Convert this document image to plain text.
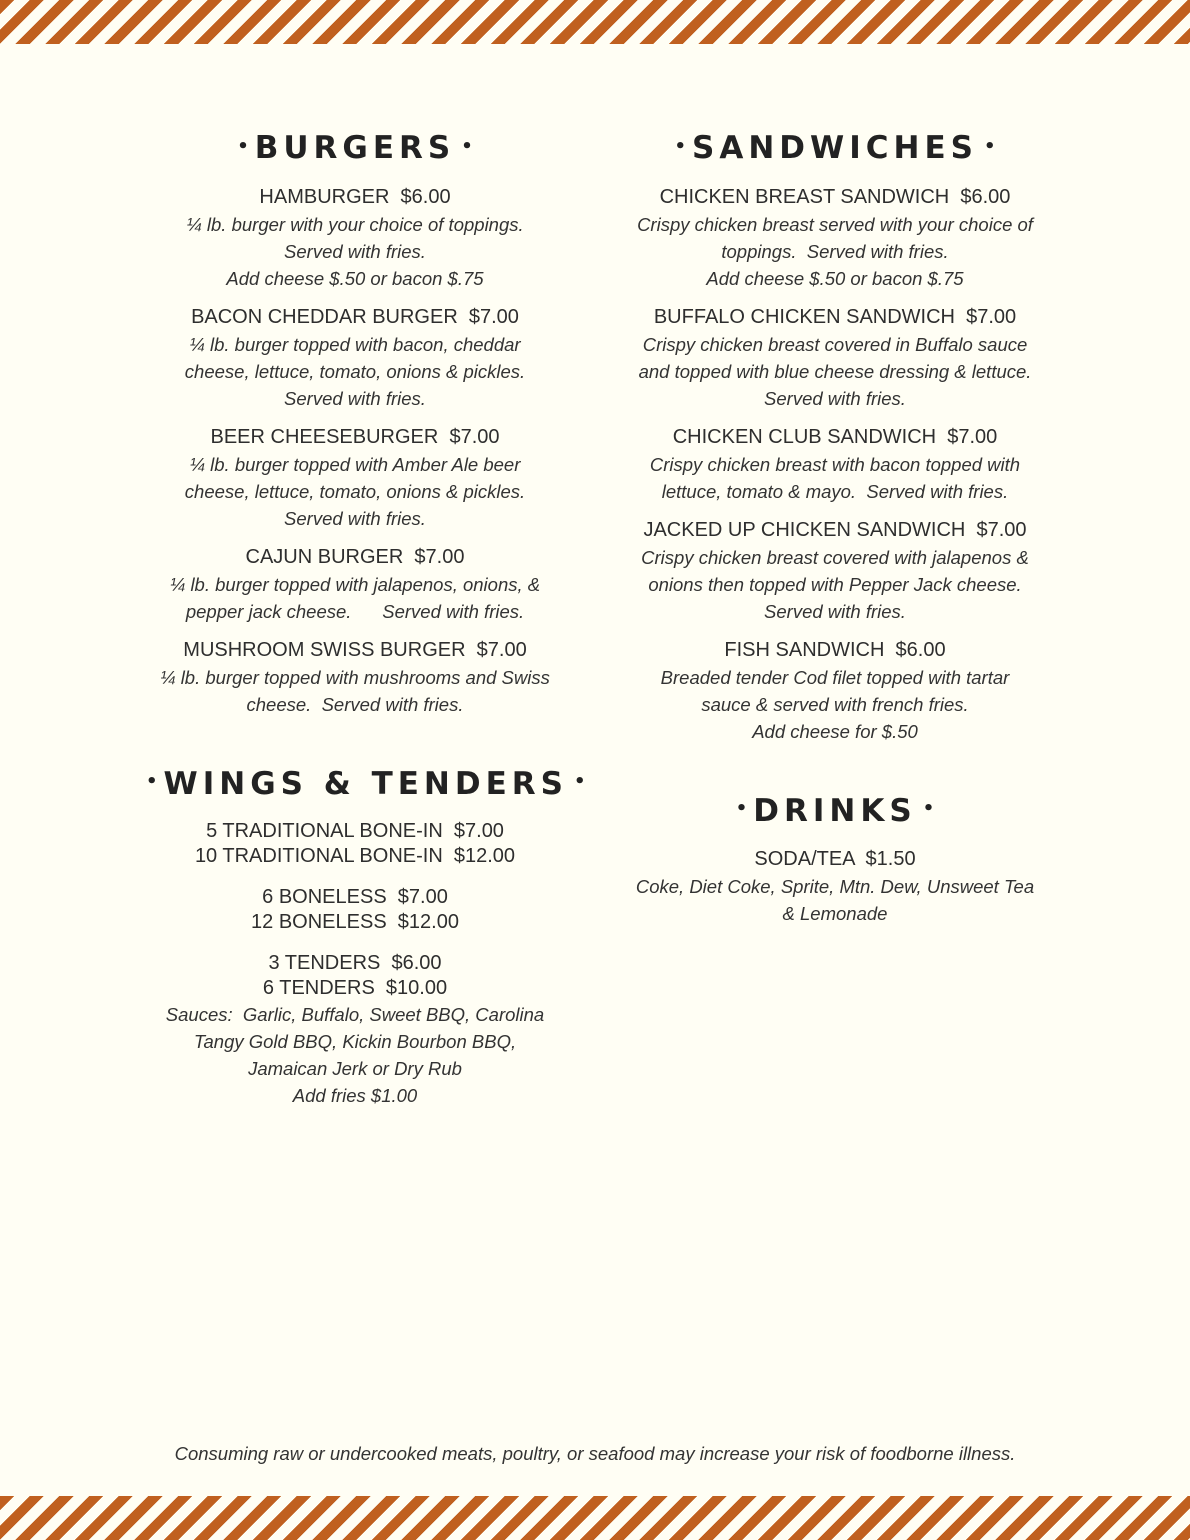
• BURGERS •
HAMBURGER  $6.00
¼ lb. burger with your choice of toppings.
Served with fries.
Add cheese $.50 or bacon $.75
BACON CHEDDAR BURGER  $7.00
¼ lb. burger topped with bacon, cheddar
cheese, lettuce, tomato, onions & pickles.
Served with fries.
BEER CHEESEBURGER  $7.00
¼ lb. burger topped with Amber Ale beer
cheese, lettuce, tomato, onions & pickles.
Served with fries.
CAJUN BURGER  $7.00
¼ lb. burger topped with jalapenos, onions, &
pepper jack cheese.      Served with fries.
MUSHROOM SWISS BURGER  $7.00
¼ lb. burger topped with mushrooms and Swiss
cheese.  Served with fries.
• WINGS & TENDERS •
5 TRADITIONAL BONE-IN  $7.00
10 TRADITIONAL BONE-IN  $12.00
6 BONELESS  $7.00
12 BONELESS  $12.00
3 TENDERS  $6.00
6 TENDERS  $10.00
Sauces:  Garlic, Buffalo, Sweet BBQ, Carolina
Tangy Gold BBQ, Kickin Bourbon BBQ,
Jamaican Jerk or Dry Rub
Add fries $1.00
• SANDWICHES •
CHICKEN BREAST SANDWICH  $6.00
Crispy chicken breast served with your choice of
toppings.  Served with fries.
Add cheese $.50 or bacon $.75
BUFFALO CHICKEN SANDWICH  $7.00
Crispy chicken breast covered in Buffalo sauce
and topped with blue cheese dressing & lettuce.
Served with fries.
CHICKEN CLUB SANDWICH  $7.00
Crispy chicken breast with bacon topped with
lettuce, tomato & mayo.  Served with fries.
JACKED UP CHICKEN SANDWICH  $7.00
Crispy chicken breast covered with jalapenos &
onions then topped with Pepper Jack cheese.
Served with fries.
FISH SANDWICH  $6.00
Breaded tender Cod filet topped with tartar
sauce & served with french fries.
Add cheese for $.50
• DRINKS •
SODA/TEA  $1.50
Coke, Diet Coke, Sprite, Mtn. Dew, Unsweet Tea
& Lemonade
Consuming raw or undercooked meats, poultry, or seafood may increase your risk of foodborne illness.
